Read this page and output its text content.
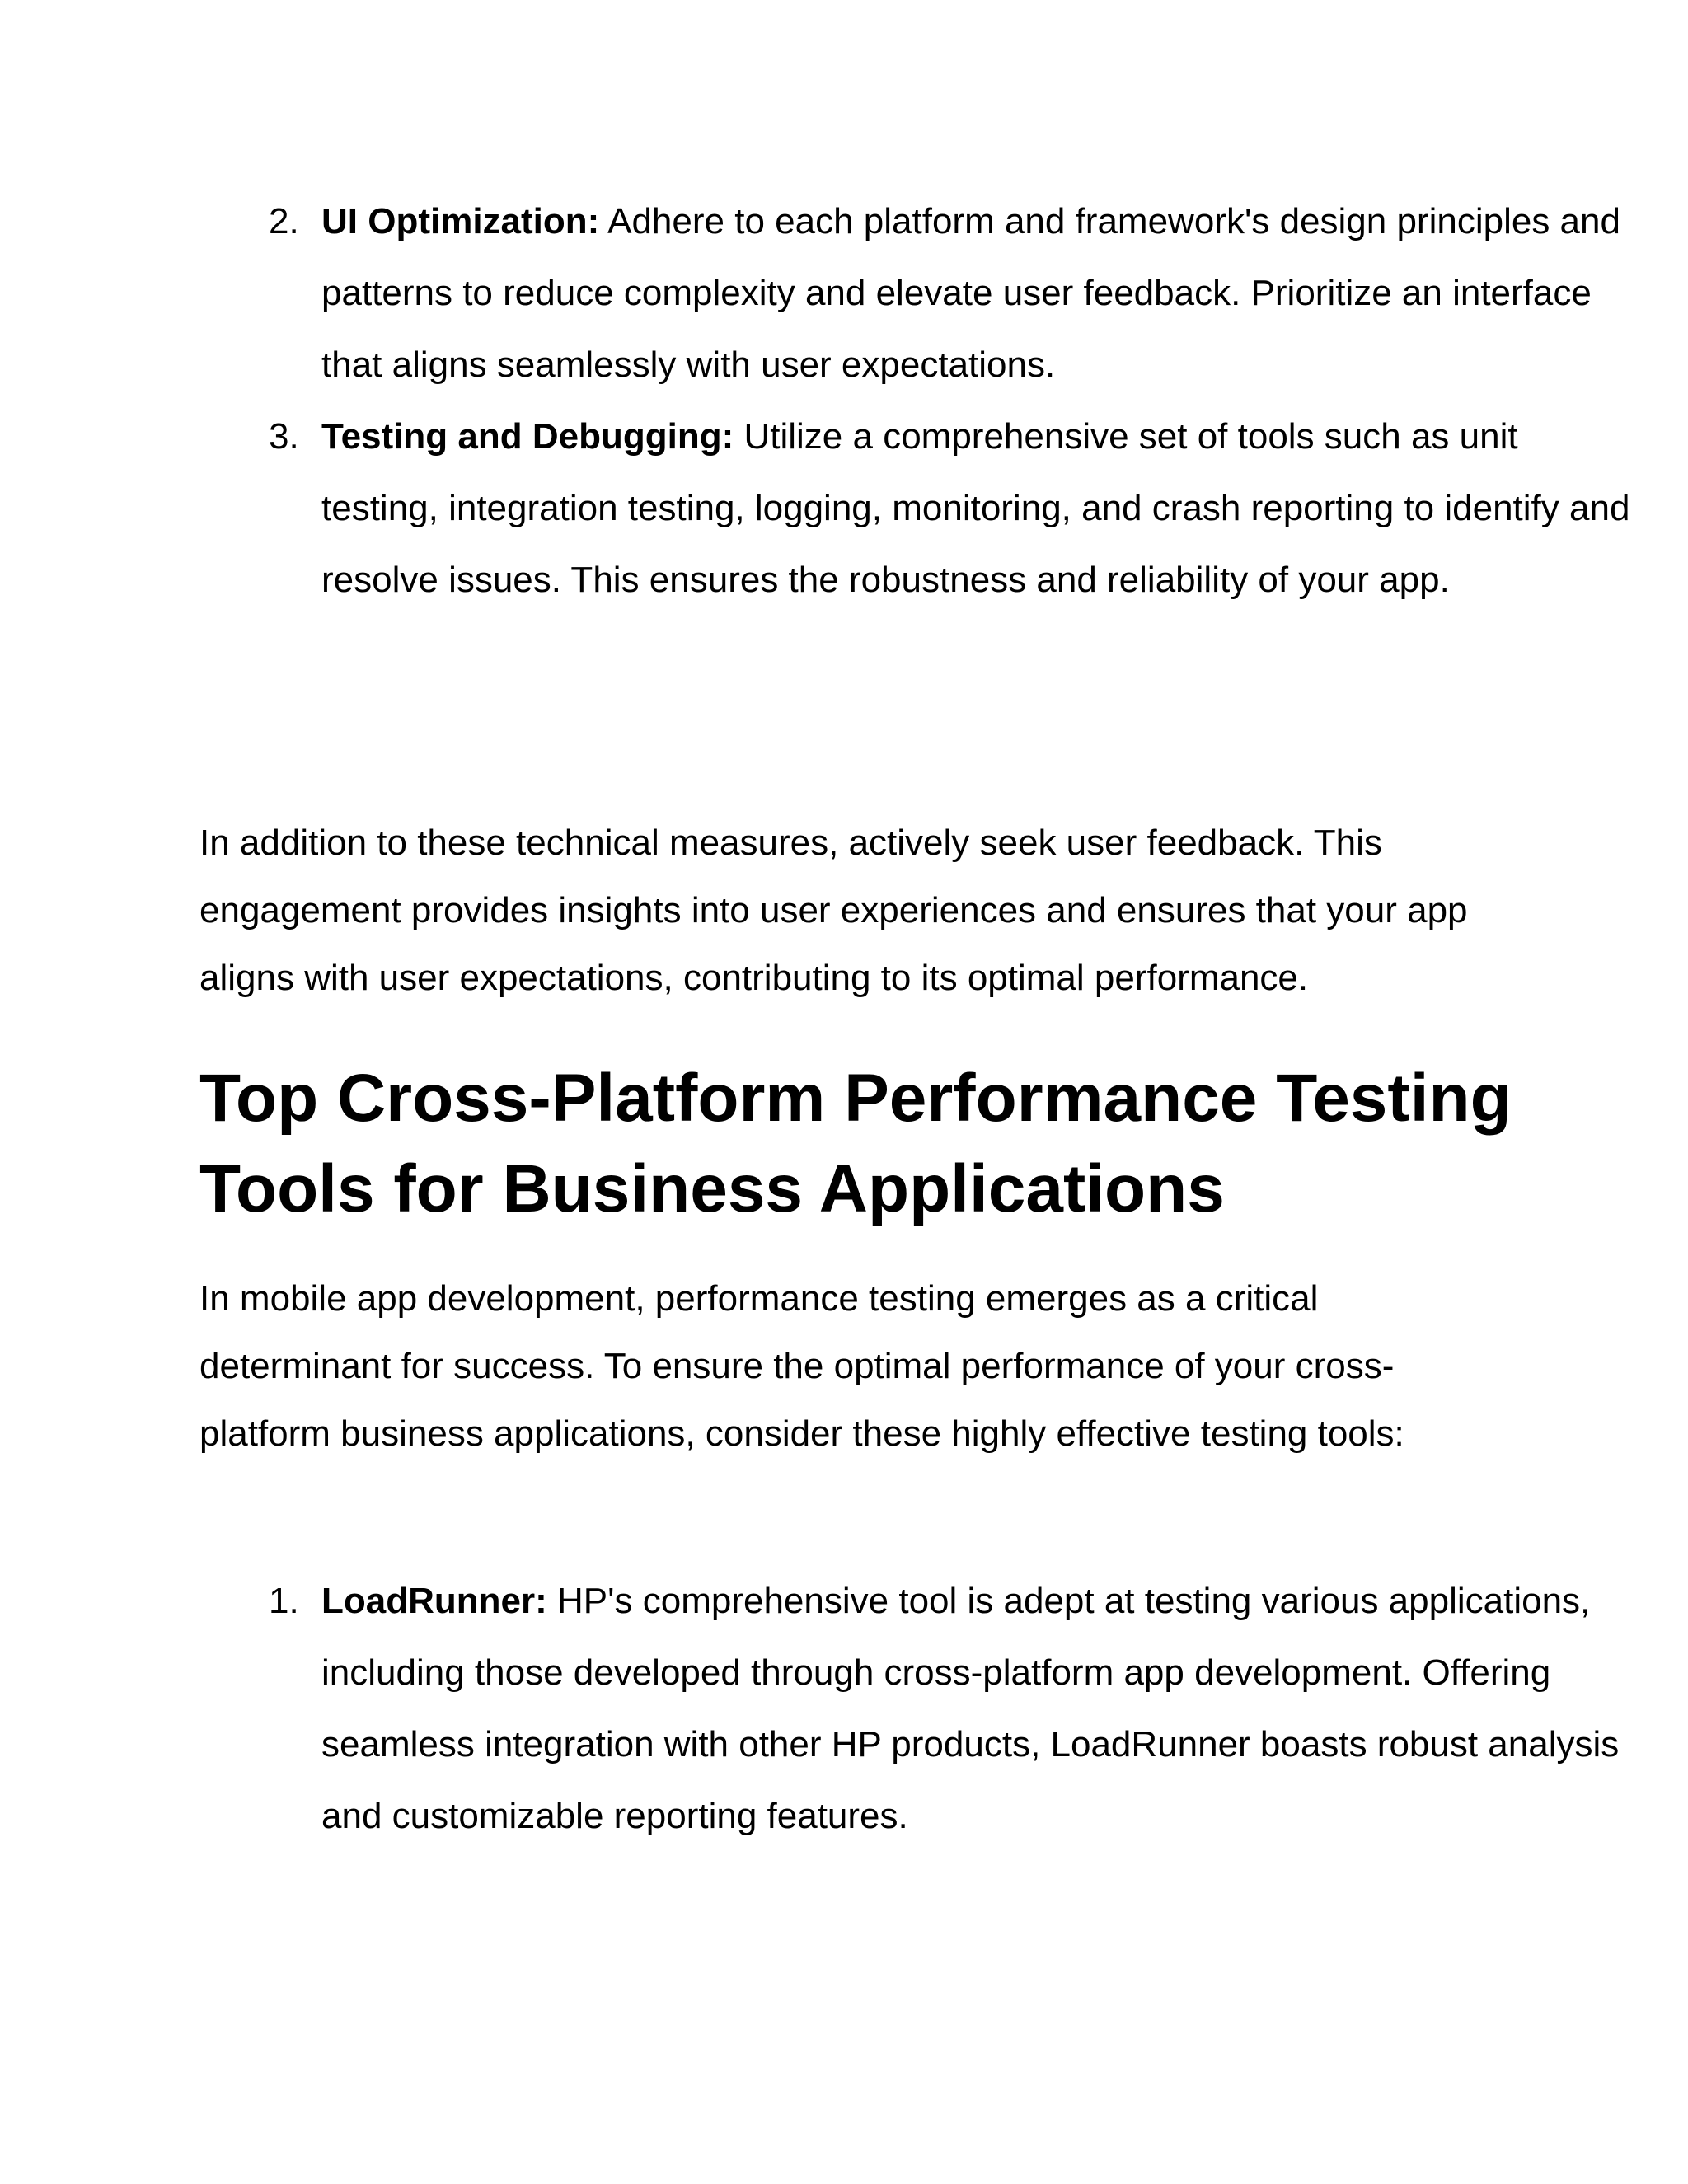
2. UI Optimization: Adhere to each platform and framework's design principles and patterns to reduce complexity and elevate user feedback. Prioritize an interface that aligns seamlessly with user expectations.
3. Testing and Debugging: Utilize a comprehensive set of tools such as unit testing, integration testing, logging, monitoring, and crash reporting to identify and resolve issues. This ensures the robustness and reliability of your app.

In addition to these technical measures, actively seek user feedback. This engagement provides insights into user experiences and ensures that your app aligns with user expectations, contributing to its optimal performance.

Top Cross-Platform Performance Testing Tools for Business Applications

In mobile app development, performance testing emerges as a critical determinant for success. To ensure the optimal performance of your cross-platform business applications, consider these highly effective testing tools:

1. LoadRunner: HP's comprehensive tool is adept at testing various applications, including those developed through cross-platform app development. Offering seamless integration with other HP products, LoadRunner boasts robust analysis and customizable reporting features.
